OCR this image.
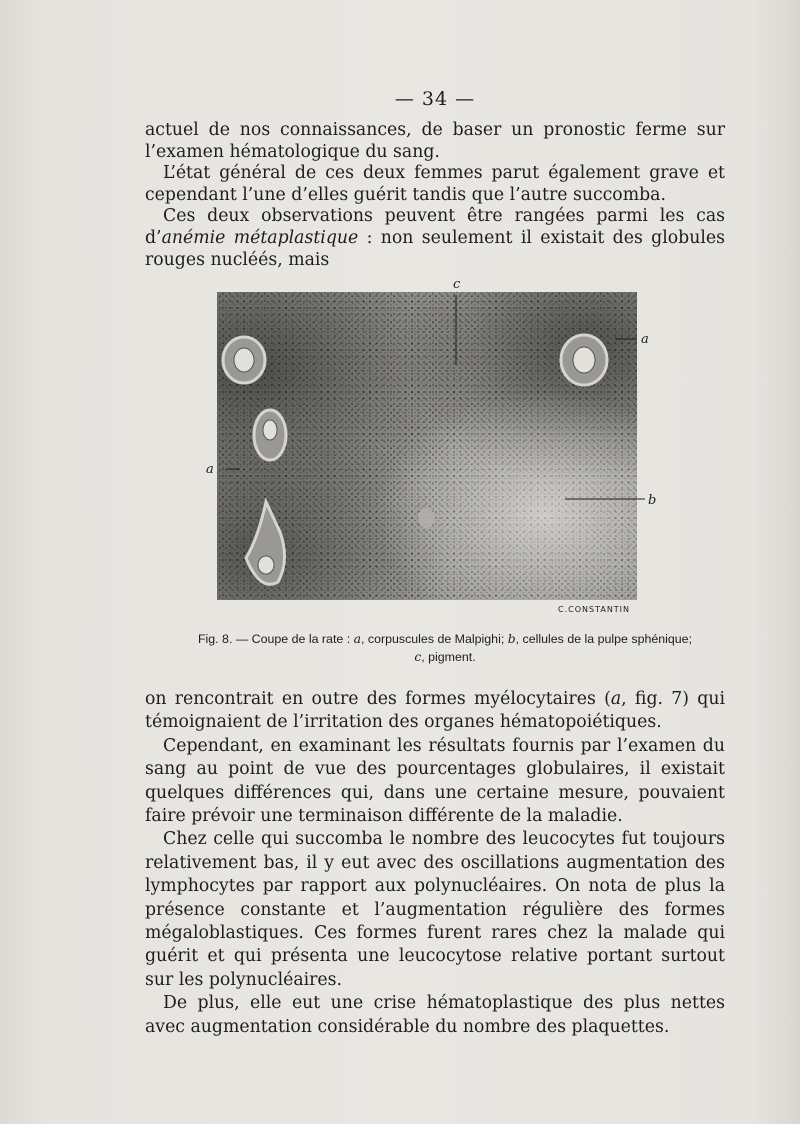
— 34 —

actuel de nos connaissances, de baser un pronostic ferme sur l’examen hématologique du sang.

L’état général de ces deux femmes parut également grave et cependant l’une d’elles guérit tandis que l’autre succomba.

Ces deux observations peuvent être rangées parmi les cas d’anémie métaplastique : non seulement il existait des globules rouges nucléés, mais

c
a
a
b
C.CONSTANTIN
Fig. 8. — Coupe de la rate : a, corpuscules de Malpighi; b, cellules de la pulpe sphénique;
c, pigment.

on rencontrait en outre des formes myélocytaires (a, fig. 7) qui témoignaient de l’irritation des organes hématopoiétiques.

Cependant, en examinant les résultats fournis par l’examen du sang au point de vue des pourcentages globulaires, il existait quelques différences qui, dans une certaine mesure, pouvaient faire prévoir une terminaison différente de la maladie.

Chez celle qui succomba le nombre des leucocytes fut toujours relativement bas, il y eut avec des oscillations augmentation des lymphocytes par rapport aux polynucléaires. On nota de plus la présence constante et l’augmentation régulière des formes mégaloblastiques. Ces formes furent rares chez la malade qui guérit et qui présenta une leucocytose relative portant surtout sur les polynucléaires.

De plus, elle eut une crise hématoplastique des plus nettes avec augmentation considérable du nombre des plaquettes.
